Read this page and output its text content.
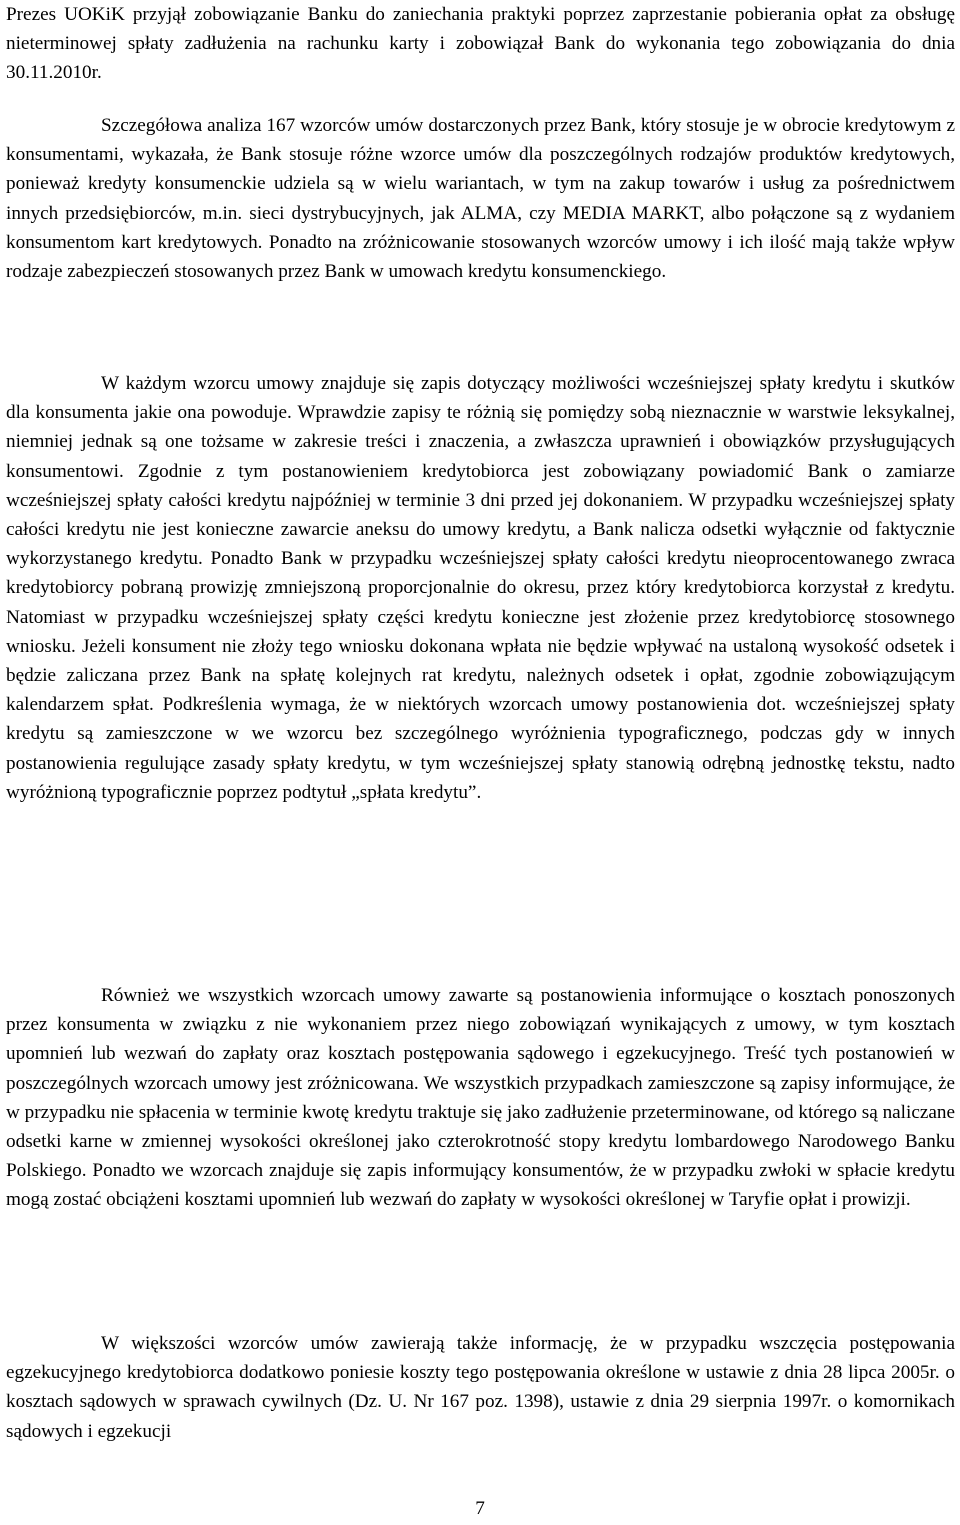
Prezes UOKiK przyjął zobowiązanie Banku do zaniechania praktyki poprzez zaprzestanie pobierania opłat za obsługę nieterminowej spłaty zadłużenia na rachunku karty i zobowiązał Bank do wykonania tego zobowiązania do dnia 30.11.2010r.

Szczegółowa analiza 167 wzorców umów dostarczonych przez Bank, który stosuje je w obrocie kredytowym z konsumentami, wykazała, że Bank stosuje różne wzorce umów dla poszczególnych rodzajów produktów kredytowych, ponieważ kredyty konsumenckie udziela są w wielu wariantach, w tym na zakup towarów i usług za pośrednictwem innych przedsiębiorców, m.in. sieci dystrybucyjnych, jak ALMA, czy MEDIA MARKT, albo połączone są z wydaniem konsumentom kart kredytowych. Ponadto na zróżnicowanie stosowanych wzorców umowy i ich ilość mają także wpływ rodzaje zabezpieczeń stosowanych przez Bank w umowach kredytu konsumenckiego.

W każdym wzorcu umowy znajduje się zapis dotyczący możliwości wcześniejszej spłaty kredytu i skutków dla konsumenta jakie ona powoduje. Wprawdzie zapisy te różnią się pomiędzy sobą nieznacznie w warstwie leksykalnej, niemniej jednak są one tożsame w zakresie treści i znaczenia, a zwłaszcza uprawnień i obowiązków przysługujących konsumentowi. Zgodnie z tym postanowieniem kredytobiorca jest zobowiązany powiadomić Bank o zamiarze wcześniejszej spłaty całości kredytu najpóźniej w terminie 3 dni przed jej dokonaniem. W przypadku wcześniejszej spłaty całości kredytu nie jest konieczne zawarcie aneksu do umowy kredytu, a Bank nalicza odsetki wyłącznie od faktycznie wykorzystanego kredytu. Ponadto Bank w przypadku wcześniejszej spłaty całości kredytu nieoprocentowanego zwraca kredytobiorcy pobraną prowizję zmniejszoną proporcjonalnie do okresu, przez który kredytobiorca korzystał z kredytu. Natomiast w przypadku wcześniejszej spłaty części kredytu konieczne jest złożenie przez kredytobiorcę stosownego wniosku. Jeżeli konsument nie złoży tego wniosku dokonana wpłata nie będzie wpływać na ustaloną wysokość odsetek i będzie zaliczana przez Bank na spłatę kolejnych rat kredytu, należnych odsetek i opłat, zgodnie zobowiązującym kalendarzem spłat. Podkreślenia wymaga, że w niektórych wzorcach umowy postanowienia dot. wcześniejszej spłaty kredytu są zamieszczone w we wzorcu bez szczególnego wyróżnienia typograficznego, podczas gdy w innych postanowienia regulujące zasady spłaty kredytu, w tym wcześniejszej spłaty stanowią odrębną jednostkę tekstu, nadto wyróżnioną typograficznie poprzez podtytuł „spłata kredytu”.

Również we wszystkich wzorcach umowy zawarte są postanowienia informujące o kosztach ponoszonych przez konsumenta w związku z nie wykonaniem przez niego zobowiązań wynikających z umowy, w tym kosztach upomnień lub wezwań do zapłaty oraz kosztach postępowania sądowego i egzekucyjnego. Treść tych postanowień w poszczególnych wzorcach umowy jest zróżnicowana. We wszystkich przypadkach zamieszczone są zapisy informujące, że w przypadku nie spłacenia w terminie kwotę kredytu traktuje się jako zadłużenie przeterminowane, od którego są naliczane odsetki karne w zmiennej wysokości określonej jako czterokrotność stopy kredytu lombardowego Narodowego Banku Polskiego. Ponadto we wzorcach znajduje się zapis informujący konsumentów, że w przypadku zwłoki w spłacie kredytu mogą zostać obciążeni kosztami upomnień lub wezwań do zapłaty w wysokości określonej w Taryfie opłat i prowizji.

W większości wzorców umów zawierają także informację, że w przypadku wszczęcia postępowania egzekucyjnego kredytobiorca dodatkowo poniesie koszty tego postępowania określone w ustawie z dnia 28 lipca 2005r. o kosztach sądowych w sprawach cywilnych (Dz. U. Nr 167 poz. 1398), ustawie z dnia 29 sierpnia 1997r. o komornikach sądowych i egzekucji

7
